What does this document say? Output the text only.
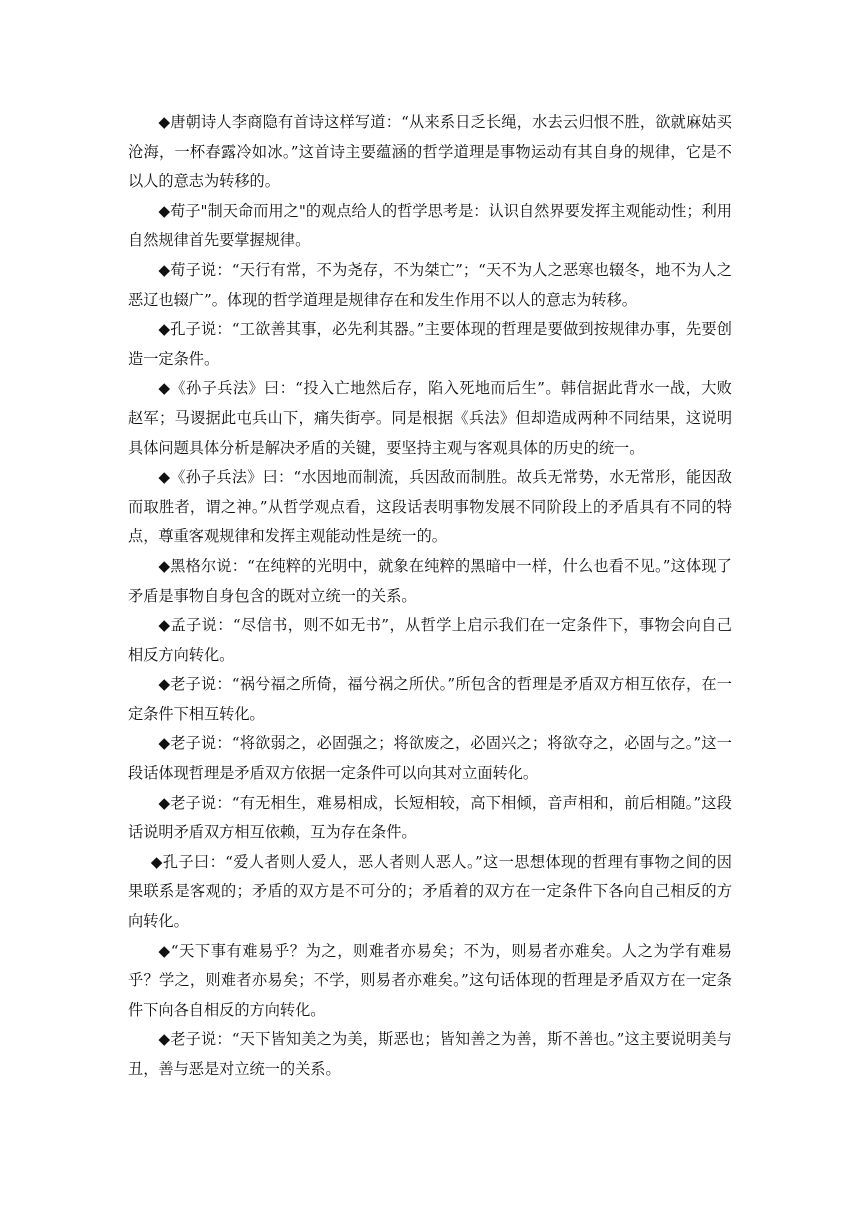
◆唐朝诗人李商隐有首诗这样写道：“从来系日乏长绳，水去云归恨不胜，欲就麻姑买沧海，一杯春露冷如冰。”这首诗主要蕴涵的哲学道理是事物运动有其自身的规律，它是不以人的意志为转移的。

◆荀子"制天命而用之"的观点给人的哲学思考是：认识自然界要发挥主观能动性；利用自然规律首先要掌握规律。

◆荀子说：“天行有常，不为尧存，不为桀亡”；“天不为人之恶寒也辍冬，地不为人之恶辽也辍广”。体现的哲学道理是规律存在和发生作用不以人的意志为转移。

◆孔子说：“工欲善其事，必先利其器。”主要体现的哲理是要做到按规律办事，先要创造一定条件。

◆《孙子兵法》曰：“投入亡地然后存，陷入死地而后生”。韩信据此背水一战，大败赵军；马谡据此屯兵山下，痛失街亭。同是根据《兵法》但却造成两种不同结果，这说明具体问题具体分析是解决矛盾的关键，要坚持主观与客观具体的历史的统一。

◆《孙子兵法》曰：“水因地而制流，兵因敌而制胜。故兵无常势，水无常形，能因敌而取胜者，谓之神。”从哲学观点看，这段话表明事物发展不同阶段上的矛盾具有不同的特点，尊重客观规律和发挥主观能动性是统一的。

◆黑格尔说：“在纯粹的光明中，就象在纯粹的黑暗中一样，什么也看不见。”这体现了矛盾是事物自身包含的既对立统一的关系。

◆孟子说：“尽信书，则不如无书”，从哲学上启示我们在一定条件下，事物会向自己相反方向转化。

◆老子说：“祸兮福之所倚，福兮祸之所伏。”所包含的哲理是矛盾双方相互依存，在一定条件下相互转化。

◆老子说：“将欲弱之，必固强之；将欲废之，必固兴之；将欲夺之，必固与之。”这一段话体现哲理是矛盾双方依据一定条件可以向其对立面转化。

◆老子说：“有无相生，难易相成，长短相较，高下相倾，音声相和，前后相随。”这段话说明矛盾双方相互依赖，互为存在条件。

◆孔子曰：“爱人者则人爱人，恶人者则人恶人。”这一思想体现的哲理有事物之间的因果联系是客观的；矛盾的双方是不可分的；矛盾着的双方在一定条件下各向自己相反的方向转化。

◆“天下事有难易乎？为之，则难者亦易矣；不为，则易者亦难矣。人之为学有难易乎？学之，则难者亦易矣；不学，则易者亦难矣。”这句话体现的哲理是矛盾双方在一定条件下向各自相反的方向转化。

◆老子说：“天下皆知美之为美，斯恶也；皆知善之为善，斯不善也。”这主要说明美与丑，善与恶是对立统一的关系。
